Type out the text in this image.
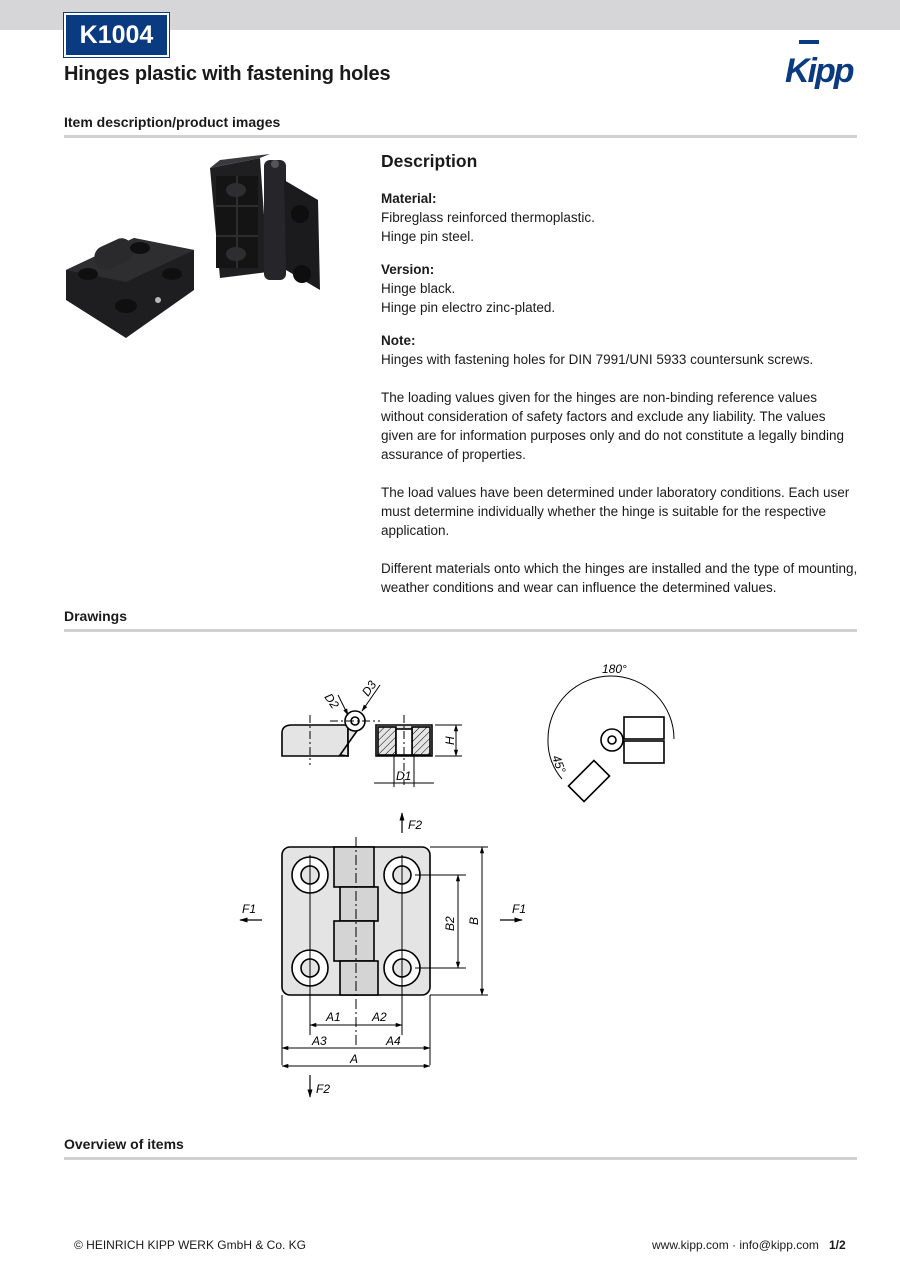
K1004
Hinges plastic with fastening holes	Kipp
Item description/product images
Description

Material:

Fibreglass reinforced thermoplastic.

Hinge pin steel.

Version:

Hinge black.

Hinge pin electro zinc-plated.

Note:

Hinges with fastening holes for DIN 7991/UNI 5933 countersunk screws.

The loading values given for the hinges are non-binding reference values without consideration of safety factors and exclude any liability. The values given are for information purposes only and do not constitute a legally binding assurance of properties.

The load values have been determined under laboratory conditions. Each user must determine individually whether the hinge is suitable for the respective application.

Different materials onto which the hinges are installed and the type of mounting, weather conditions and wear can influence the determined values.

Drawings
H
D1
D2
D3
180°
45°
F2
F1	F1
F2
A1	A2
A3	A4
A
B2 B
Overview of items
© HEINRICH KIPP WERK GmbH & Co. KG	www.kipp.com · info@kipp.com 1/2
